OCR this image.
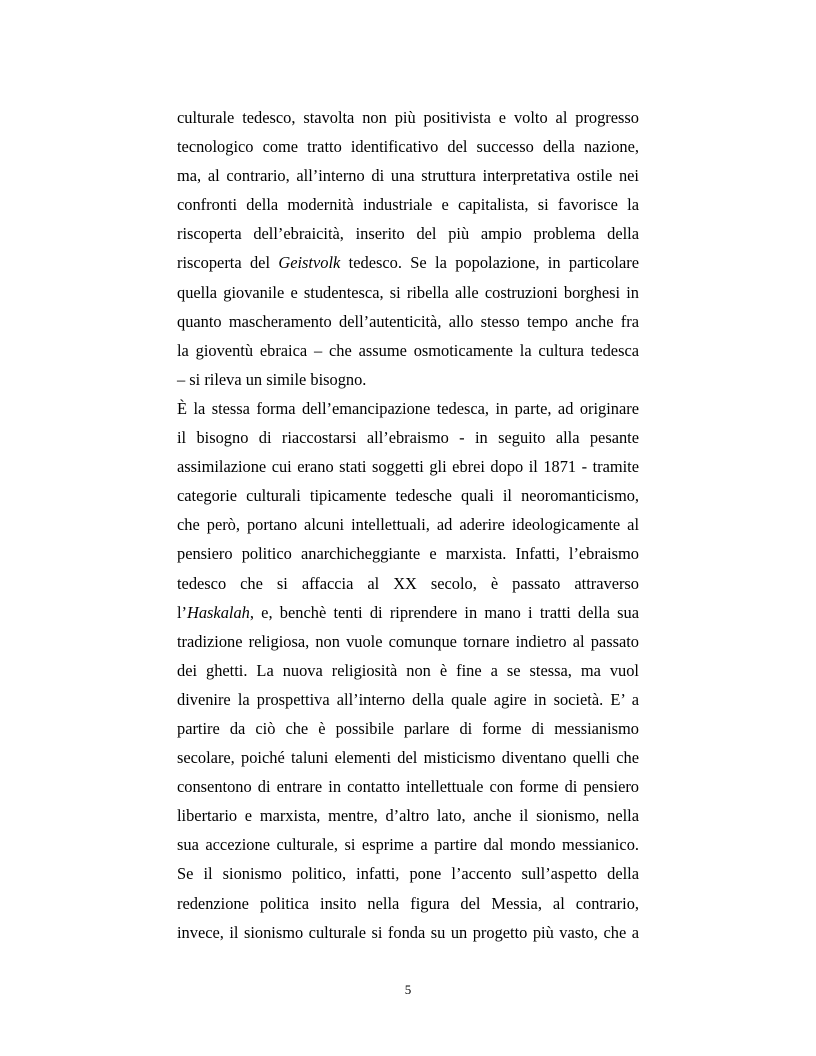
culturale tedesco, stavolta non più positivista e volto al progresso
tecnologico come tratto identificativo del successo della nazione,
ma, al contrario, all’interno di una struttura interpretativa ostile nei
confronti della modernità industriale e capitalista, si favorisce la
riscoperta dell’ebraicità, inserito del più ampio problema della
riscoperta del Geistvolk tedesco. Se la popolazione, in particolare
quella giovanile e studentesca, si ribella alle costruzioni borghesi in
quanto mascheramento dell’autenticità, allo stesso tempo anche fra
la gioventù ebraica – che assume osmoticamente la cultura tedesca
– si rileva un simile bisogno.
È la stessa forma dell’emancipazione tedesca, in parte, ad originare
il bisogno di riaccostarsi all’ebraismo - in seguito alla pesante
assimilazione cui erano stati soggetti gli ebrei dopo il 1871 - tramite
categorie culturali tipicamente tedesche quali il neoromanticismo,
che però, portano alcuni intellettuali, ad aderire ideologicamente al
pensiero politico anarchicheggiante e marxista. Infatti, l’ebraismo
tedesco che si affaccia al XX secolo, è passato attraverso
l’Haskalah, e, benchè tenti di riprendere in mano i tratti della sua
tradizione religiosa, non vuole comunque tornare indietro al passato
dei ghetti. La nuova religiosità non è fine a se stessa, ma vuol
divenire la prospettiva all’interno della quale agire in società. E’ a
partire da ciò che è possibile parlare di forme di messianismo
secolare, poiché taluni elementi del misticismo diventano quelli che
consentono di entrare in contatto intellettuale con forme di pensiero
libertario e marxista, mentre, d’altro lato, anche il sionismo, nella
sua accezione culturale, si esprime a partire dal mondo messianico.
Se il sionismo politico, infatti, pone l’accento sull’aspetto della
redenzione politica insito nella figura del Messia, al contrario,
invece, il sionismo culturale si fonda su un progetto più vasto, che a
5
